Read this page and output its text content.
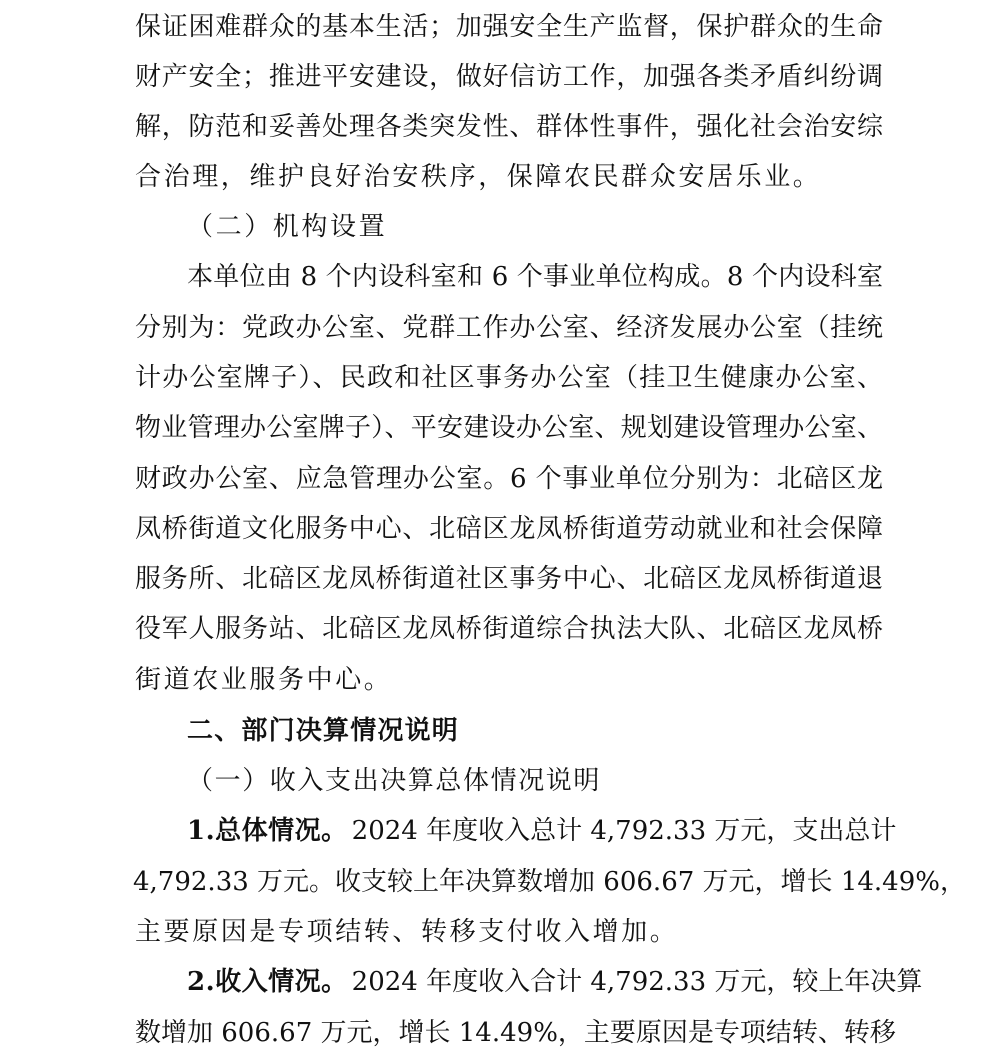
保证困难群众的基本生活；加强安全生产监督，保护群众的生命
财产安全；推进平安建设，做好信访工作，加强各类矛盾纠纷调
解，防范和妥善处理各类突发性、群体性事件，强化社会治安综
合治理，维护良好治安秩序，保障农民群众安居乐业。
（二）机构设置
本单位由 8 个内设科室和 6 个事业单位构成。8 个内设科室
分别为：党政办公室、党群工作办公室、经济发展办公室（挂统
计办公室牌子）、民政和社区事务办公室（挂卫生健康办公室、
物业管理办公室牌子）、平安建设办公室、规划建设管理办公室、
财政办公室、应急管理办公室。6 个事业单位分别为：北碚区龙
凤桥街道文化服务中心、北碚区龙凤桥街道劳动就业和社会保障
服务所、北碚区龙凤桥街道社区事务中心、北碚区龙凤桥街道退
役军人服务站、北碚区龙凤桥街道综合执法大队、北碚区龙凤桥
街道农业服务中心。
二、部门决算情况说明
（一）收入支出决算总体情况说明
1.总体情况。 2024 年度收入总计 4,792.33 万元，支出总计
4,792.33 万元。收支较上年决算数增加 606.67 万元，增长 14.49%，
主要原因是专项结转、转移支付收入增加。
2.收入情况。 2024 年度收入合计 4,792.33 万元，较上年决算
数增加 606.67 万元，增长 14.49%，主要原因是专项结转、转移
